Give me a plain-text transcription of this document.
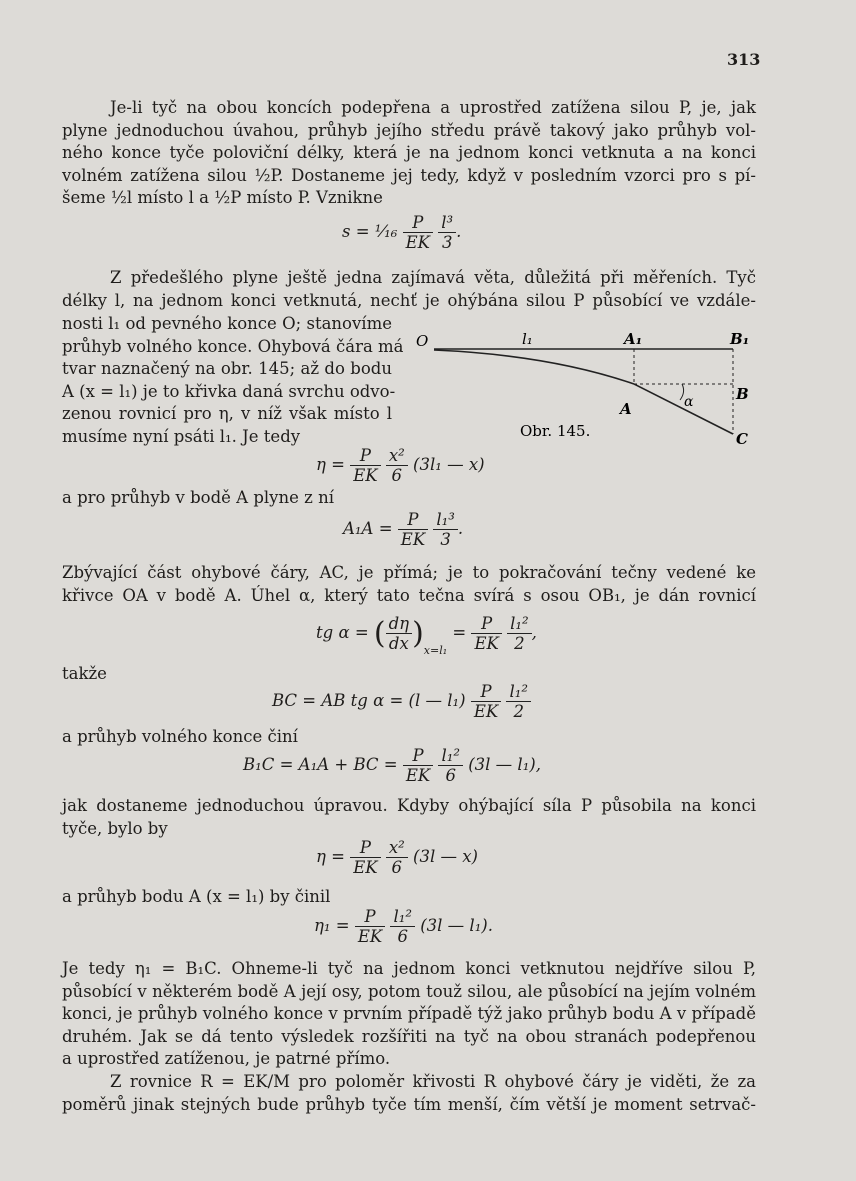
313
Je-li tyč na obou koncích podepřena a uprostřed zatížena silou P, je, jak
plyne jednoduchou úvahou, průhyb jejího středu právě takový jako průhyb vol-
ného konce tyče poloviční délky, která je na jednom konci vetknuta a na konci
volném zatížena silou ½P. Dostaneme jej tedy, když v posledním vzorci pro s pí-
šeme ½l místo l a ½P místo P. Vznikne
s = ¹⁄₁₆ $\frac{P}{EK}$
$\frac{\text{l³}}{3}$ .
Z předešlého plyne ještě jedna zajímavá věta, důležitá při měřeních. Tyč
délky l, na jednom konci vetknutá, nechť je ohýbána silou P působící ve vzdále-
nosti l₁ od pevného konce O; stanovíme
průhyb volného konce. Ohybová čára má
tvar naznačený na obr. 145; až do bodu
A (x = l₁) je to křivka daná svrchu odvo-
zenou rovnicí pro η, v níž však místo l
musíme nyní psáti l₁. Je tedy
O	l₁	A₁	B₁
B
A
C
α
Obr. 145.
$\eta = \frac{P}{EK}$
$\frac{\text{x²}}{6} (3l_1$ — x)
a pro průhyb v bodě A plyne z ní
$A_1A = \frac{P}{EK}$
$\frac{\text{l₁³}}{3}$ .
Zbývající část ohybové čáry, AC, je přímá; je to pokračování tečny vedené ke
křivce OA v bodě A. Úhel α, který tato tečna svírá s osou OB₁, je dán rovnicí
tg α = ( $\frac{d\eta}{dx} )_{x=l_1} = \frac{P}{EK}$
$\frac{\text{l₁²}}{2}$ ,
takže
BC = AB tg α = (l — $l_1) \frac{P}{EK}$
$\frac{\text{l₁²}}{2}$
a průhyb volného konce činí
B₁C = A₁A + BC = $\frac{P}{EK}$
$\frac{\text{l₁²}}{6} (3l$ — l₁),
jak dostaneme jednoduchou úpravou. Kdyby ohýbající síla P působila na konci
tyče, bylo by
$\eta = \frac{P}{EK}$
$\frac{\text{x²}}{6} (3l$ — x)
a průhyb bodu A (x = l₁) by činil
$\eta_1 = \frac{P}{EK}$
$\frac{\text{l₁²}}{6} (3l$ — l₁).
Je tedy η₁ = B₁C. Ohneme-li tyč na jednom konci vetknutou nejdříve silou P,
působící v některém bodě A její osy, potom touž silou, ale působící na jejím volném
konci, je průhyb volného konce v prvním případě týž jako průhyb bodu A v případě
druhém. Jak se dá tento výsledek rozšířiti na tyč na obou stranách podepřenou
a uprostřed zatíženou, je patrné přímo.
Z rovnice R = EK/M pro poloměr křivosti R ohybové čáry je viděti, že za
poměrů jinak stejných bude průhyb tyče tím menší, čím větší je moment setrvač-
